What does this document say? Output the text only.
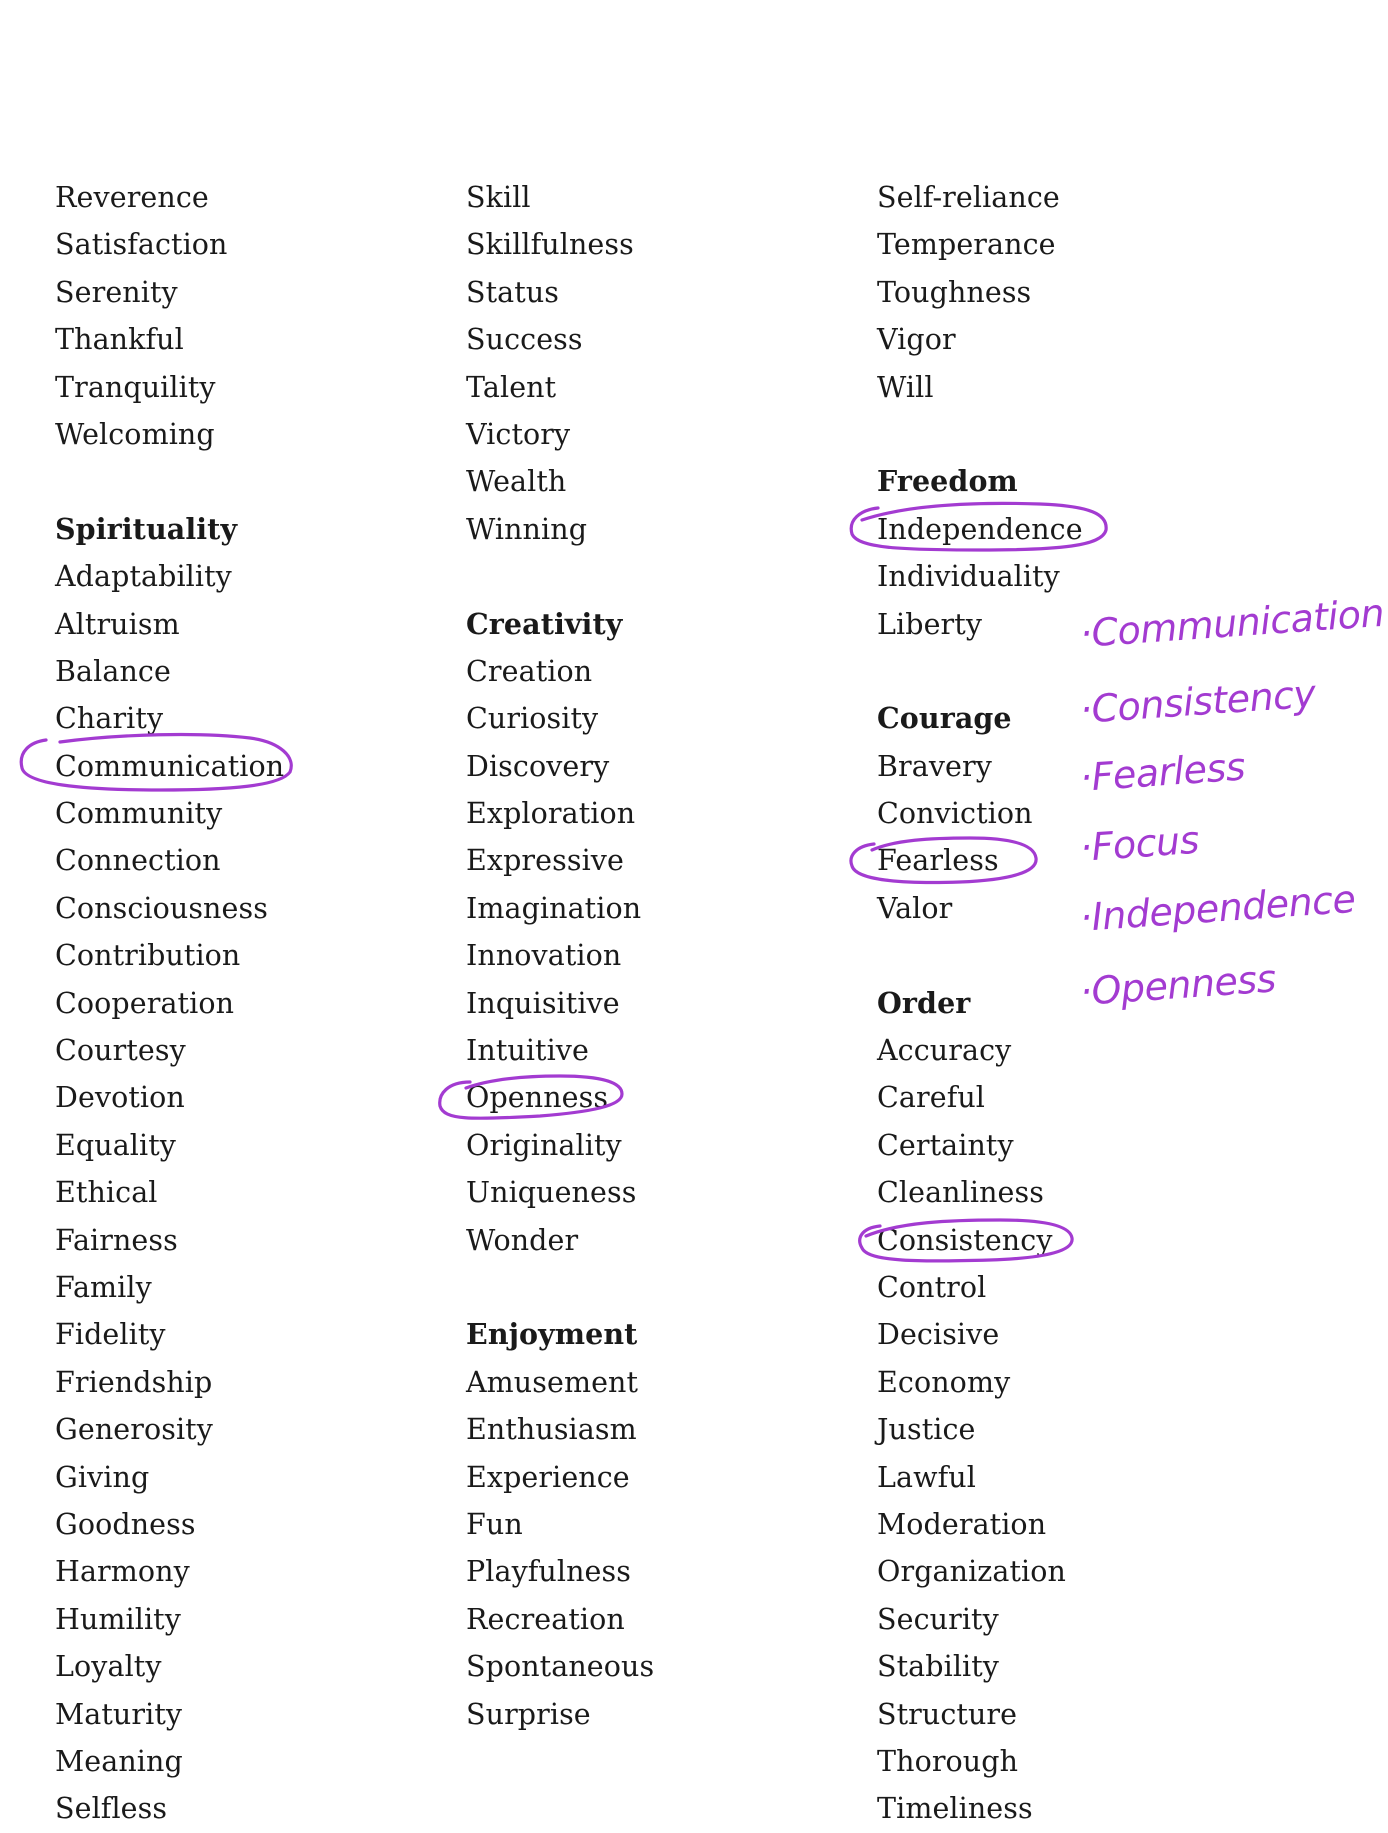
Reverence
Satisfaction
Serenity
Thankful
Tranquility
Welcoming
Spirituality
Adaptability
Altruism
Balance
Charity
Communication
Community
Connection
Consciousness
Contribution
Cooperation
Courtesy
Devotion
Equality
Ethical
Fairness
Family
Fidelity
Friendship
Generosity
Giving
Goodness
Harmony
Humility
Loyalty
Maturity
Meaning
Selfless
Skill
Skillfulness
Status
Success
Talent
Victory
Wealth
Winning
Creativity
Creation
Curiosity
Discovery
Exploration
Expressive
Imagination
Innovation
Inquisitive
Intuitive
Openness
Originality
Uniqueness
Wonder
Enjoyment
Amusement
Enthusiasm
Experience
Fun
Playfulness
Recreation
Spontaneous
Surprise
Self-reliance
Temperance
Toughness
Vigor
Will
Freedom
Independence
Individuality
Liberty
Courage
Bravery
Conviction
Fearless
Valor
Order
Accuracy
Careful
Certainty
Cleanliness
Consistency
Control
Decisive
Economy
Justice
Lawful
Moderation
Organization
Security
Stability
Structure
Thorough
Timeliness
·Communication
·Consistency
·Fearless
·Focus
·Independence
·Openness
